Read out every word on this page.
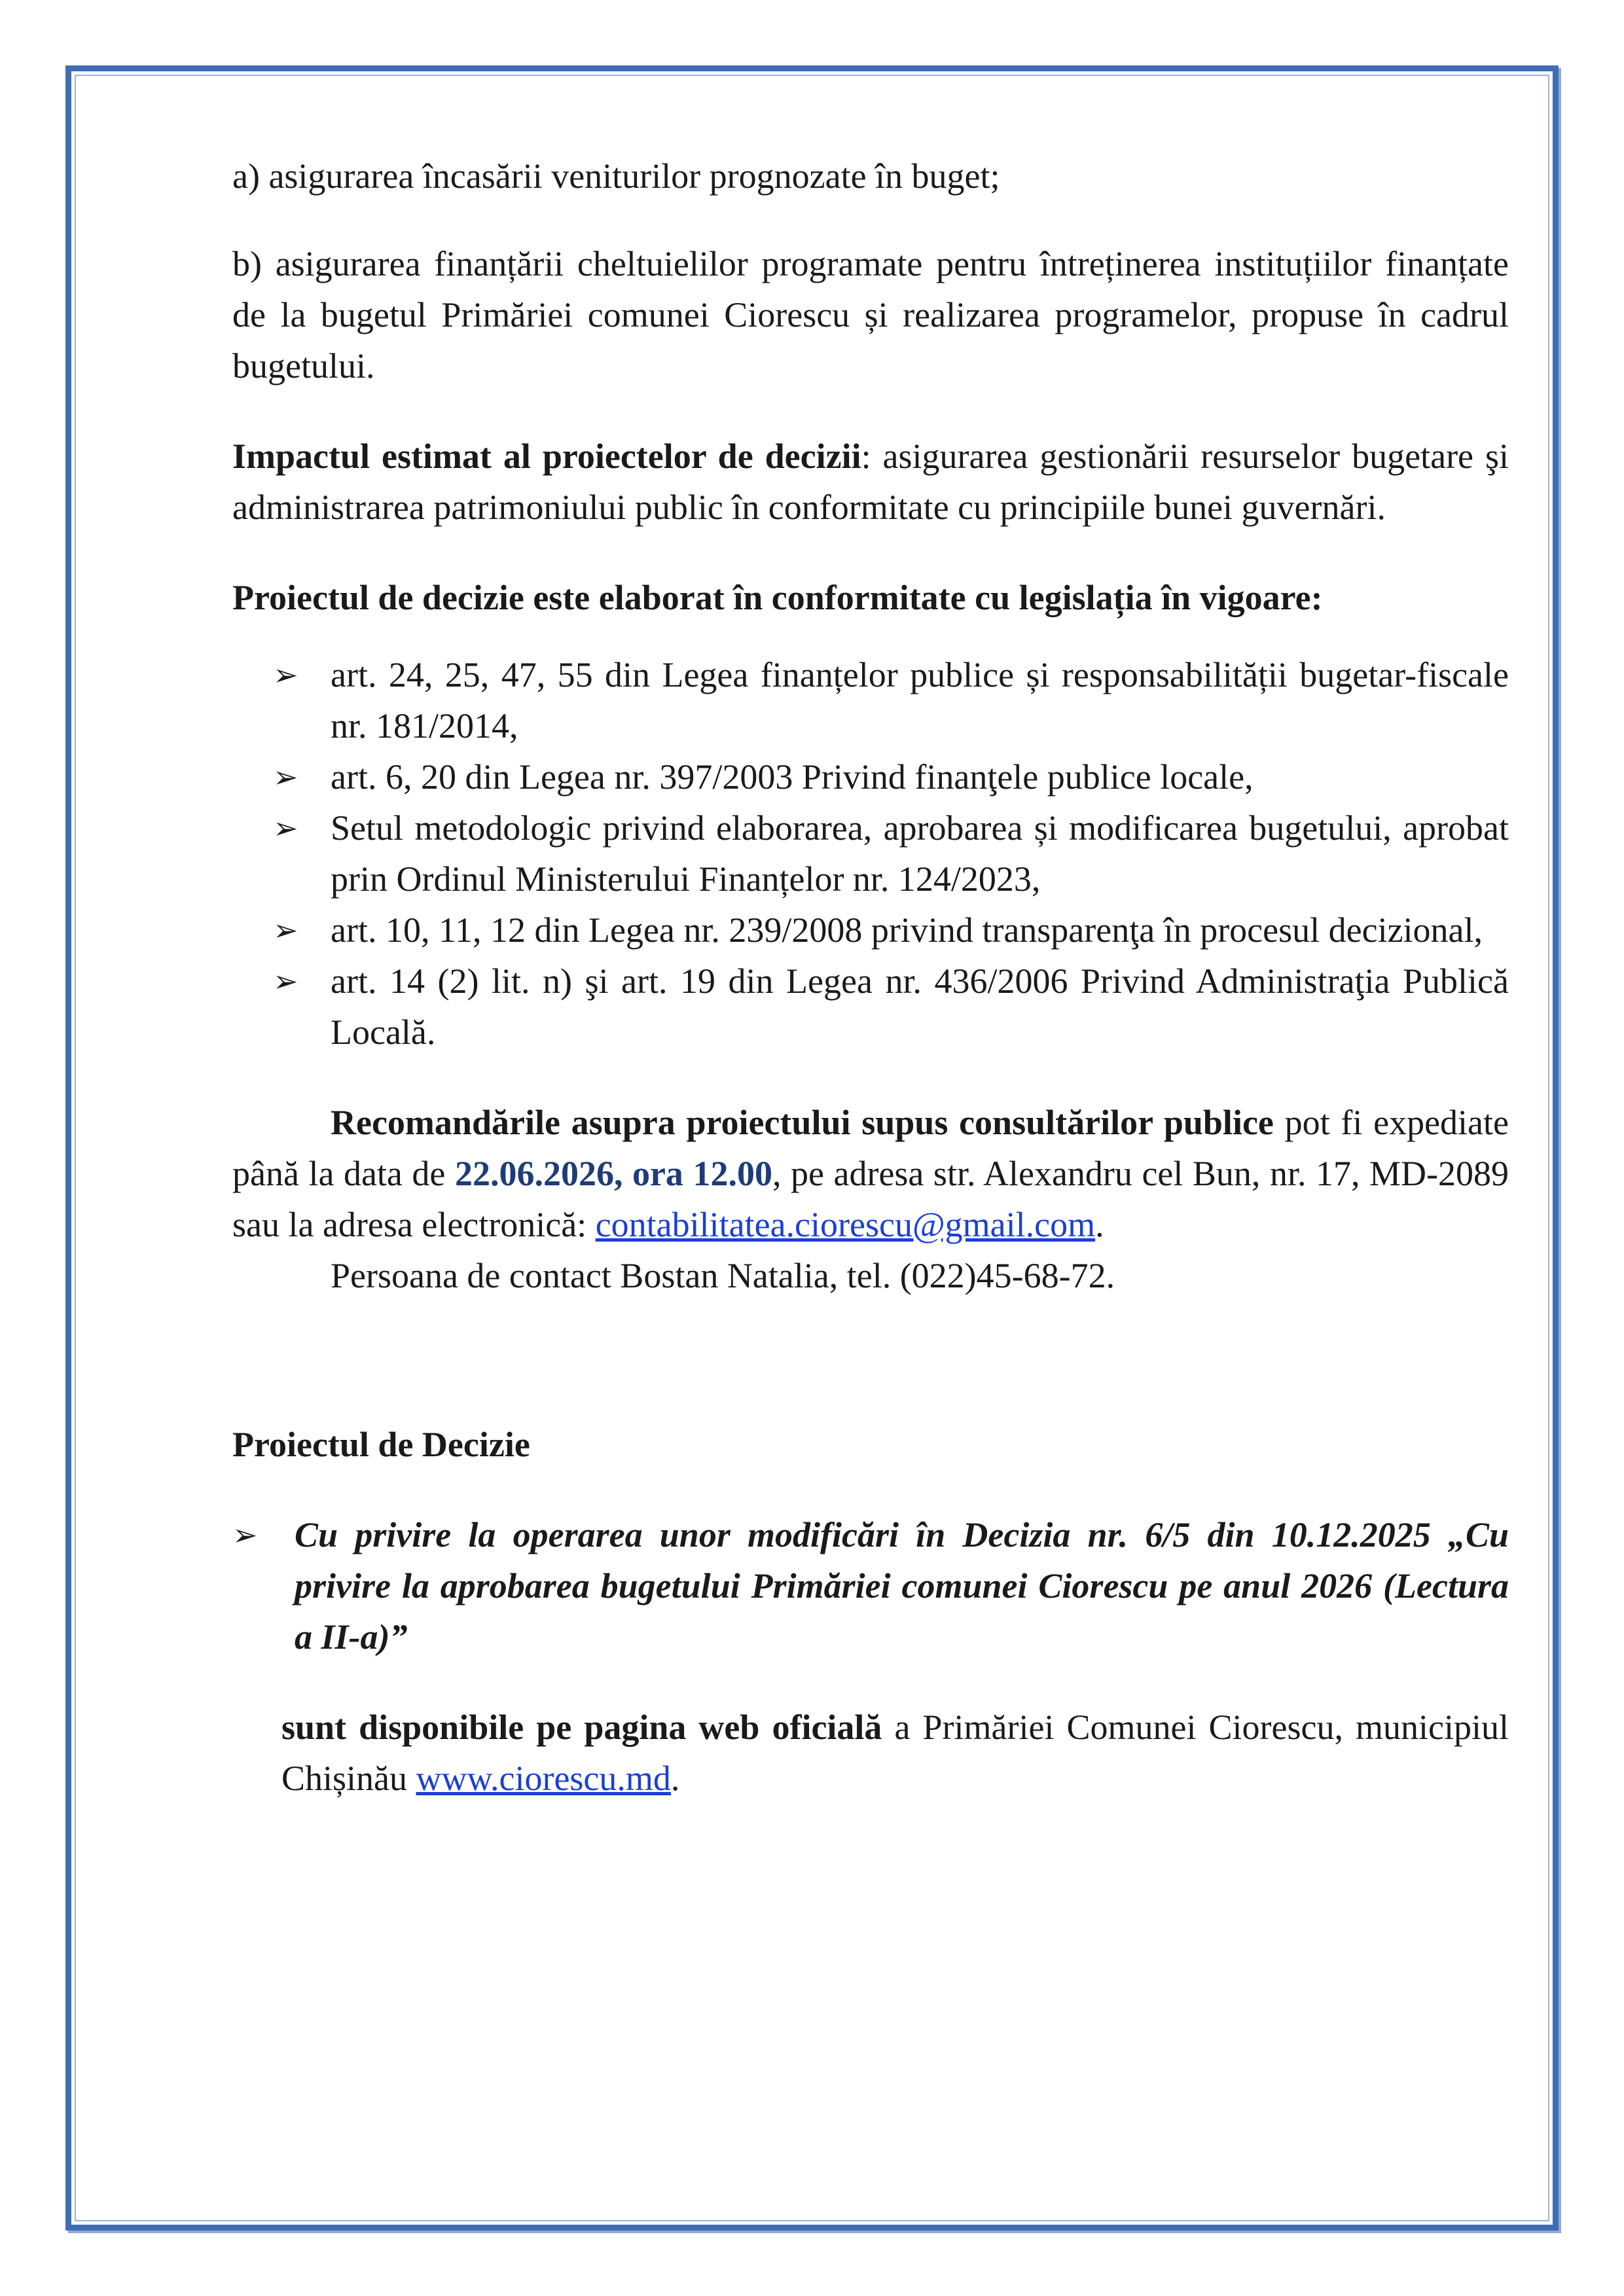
a) asigurarea încasării veniturilor prognozate în buget;

b) asigurarea finanțării cheltuielilor programate pentru întreținerea instituțiilor finanțate de la bugetul Primăriei comunei Ciorescu și realizarea programelor, propuse în cadrul bugetului.

Impactul estimat al proiectelor de decizii: asigurarea gestionării resurselor bugetare şi administrarea patrimoniului public în conformitate cu principiile bunei guvernări.

Proiectul de decizie este elaborat în conformitate cu legislația în vigoare:

➢ art. 24, 25, 47, 55 din Legea finanțelor publice și responsabilității bugetar-fiscale nr. 181/2014,
➢ art. 6, 20 din Legea nr. 397/2003 Privind finanţele publice locale,
➢ Setul metodologic privind elaborarea, aprobarea și modificarea bugetului, aprobat prin Ordinul Ministerului Finanțelor nr. 124/2023,
➢ art. 10, 11, 12 din Legea nr. 239/2008 privind transparenţa în procesul decizional,
➢ art. 14 (2) lit. n) şi art. 19 din Legea nr. 436/2006 Privind Administraţia Publică Locală.

Recomandările asupra proiectului supus consultărilor publice pot fi expediate până la data de 22.06.2026, ora 12.00, pe adresa str. Alexandru cel Bun, nr. 17, MD-2089 sau la adresa electronică: contabilitatea.ciorescu@gmail.com.

Persoana de contact Bostan Natalia, tel. (022)45-68-72.

Proiectul de Decizie

➢ Cu privire la operarea unor modificări în Decizia nr. 6/5 din 10.12.2025 „Cu privire la aprobarea bugetului Primăriei comunei Ciorescu pe anul 2026 (Lectura a II-a)”

sunt disponibile pe pagina web oficială a Primăriei Comunei Ciorescu, municipiul Chișinău www.ciorescu.md.
